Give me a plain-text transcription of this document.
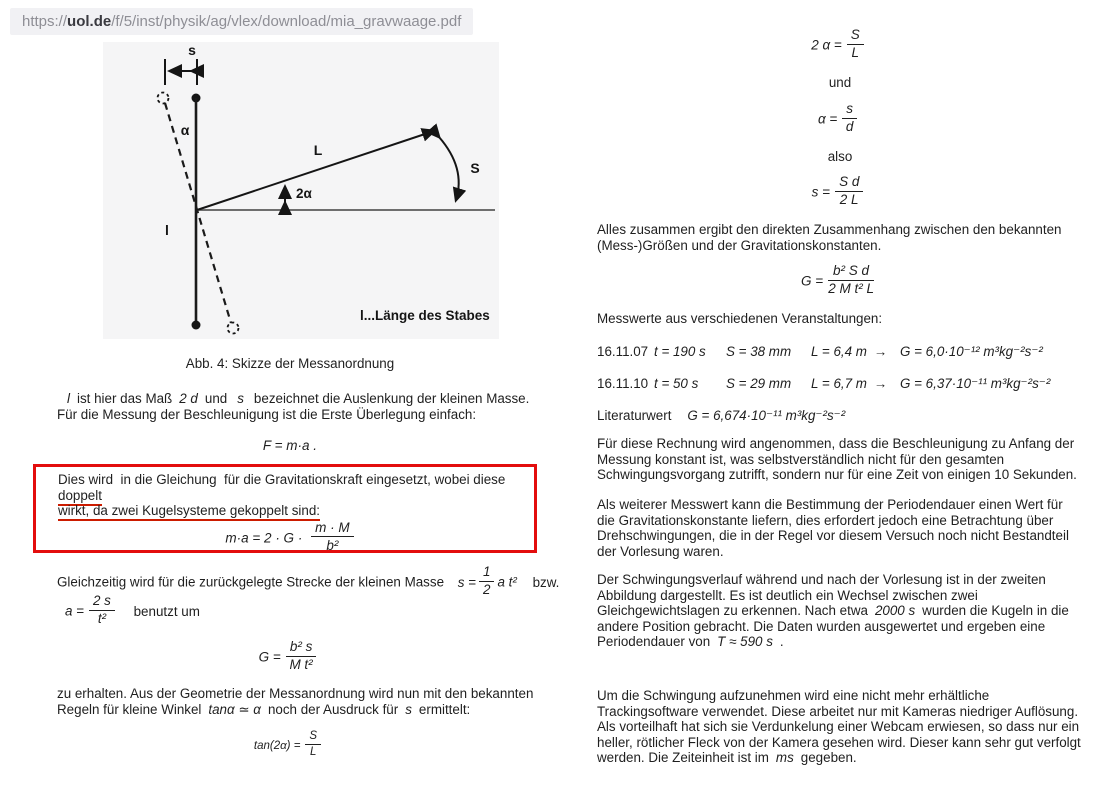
https:// uol.de /f/5/inst/physik/ag/vlex/download/mia_gravwaage.pdf
s
α
L
2α
S
l
l...Länge des Stabes
Abb. 4: Skizze der Messanordnung
l ist hier das Maß 2 d und s bezeichnet die Auslenkung der kleinen Masse.
Für die Messung der Beschleunigung ist die Erste Überlegung einfach:
F = m·a .
Dies wird  in die Gleichung  für die Gravitationskraft eingesetzt, wobei diese doppelt
wirkt, da zwei Kugelsysteme gekoppelt sind:
$m\cdot a = 2 \cdot G \cdot \frac{m \cdot M}{\text{b²}}$
Gleichzeitig wird für die zurückgelegte Strecke der kleinen Masse $s = \frac{1}{2}$ a t² bzw.
$a = \frac{2 s}{\text{t²}}$ benutzt um
$G = \frac{\text{b² s}}{\text{M t²}}$
zu erhalten. Aus der Geometrie der Messanordnung wird nun mit den bekannten Regeln für kleine Winkel tanα ≃ α noch der Ausdruck für s ermittelt:
$\tan(2\alpha) = \frac{S}{L}$
2 $\alpha = \frac{S}{L}$
und
$\alpha = \frac{s}{d}$
also
$s = \frac{\text{S d}}{2 L}$
Alles zusammen ergibt den direkten Zusammenhang zwischen den bekannten (Mess-)Größen und der Gravitationskonstanten.
$G = \frac{\text{b² S d}}{\text{2 M t² L}}$
Messwerte aus verschiedenen Veranstaltungen:
16.11.07 t = 190 s	S = 38 mm	L = 6,4 m → G = 6,0·10⁻¹² m³kg⁻²s⁻²
16.11.10 t = 50 s	S = 29 mm	L = 6,7 m → G = 6,37·10⁻¹¹ m³kg⁻²s⁻²
Literaturwert G = 6,674·10⁻¹¹ m³kg⁻²s⁻²
Für diese Rechnung wird angenommen, dass die Beschleunigung zu Anfang der Messung konstant ist, was selbstverständlich nicht für den gesamten Schwingungsvorgang zutrifft, sondern nur für eine Zeit von einigen 10 Sekunden.
Als weiterer Messwert kann die Bestimmung der Periodendauer einen Wert für die Gravitationskonstante liefern, dies erfordert jedoch eine Betrachtung über Drehschwingungen, die in der Regel vor diesem Versuch noch nicht Bestandteil der Vorlesung waren.
Der Schwingungsverlauf während und nach der Vorlesung ist in der zweiten Abbildung dargestellt. Es ist deutlich ein Wechsel zwischen zwei Gleichgewichtslagen zu erkennen. Nach etwa 2000 s wurden die Kugeln in die andere Position gebracht. Die Daten wurden ausgewertet und ergeben eine Periodendauer von T ≈ 590 s .
Um die Schwingung aufzunehmen wird eine nicht mehr erhältliche Trackingsoftware verwendet. Diese arbeitet nur mit Kameras niedriger Auflösung. Als vorteilhaft hat sich sie Verdunkelung einer Webcam erwiesen, so dass nur ein heller, rötlicher Fleck von der Kamera gesehen wird. Dieser kann sehr gut verfolgt werden. Die Zeiteinheit ist im ms gegeben.
